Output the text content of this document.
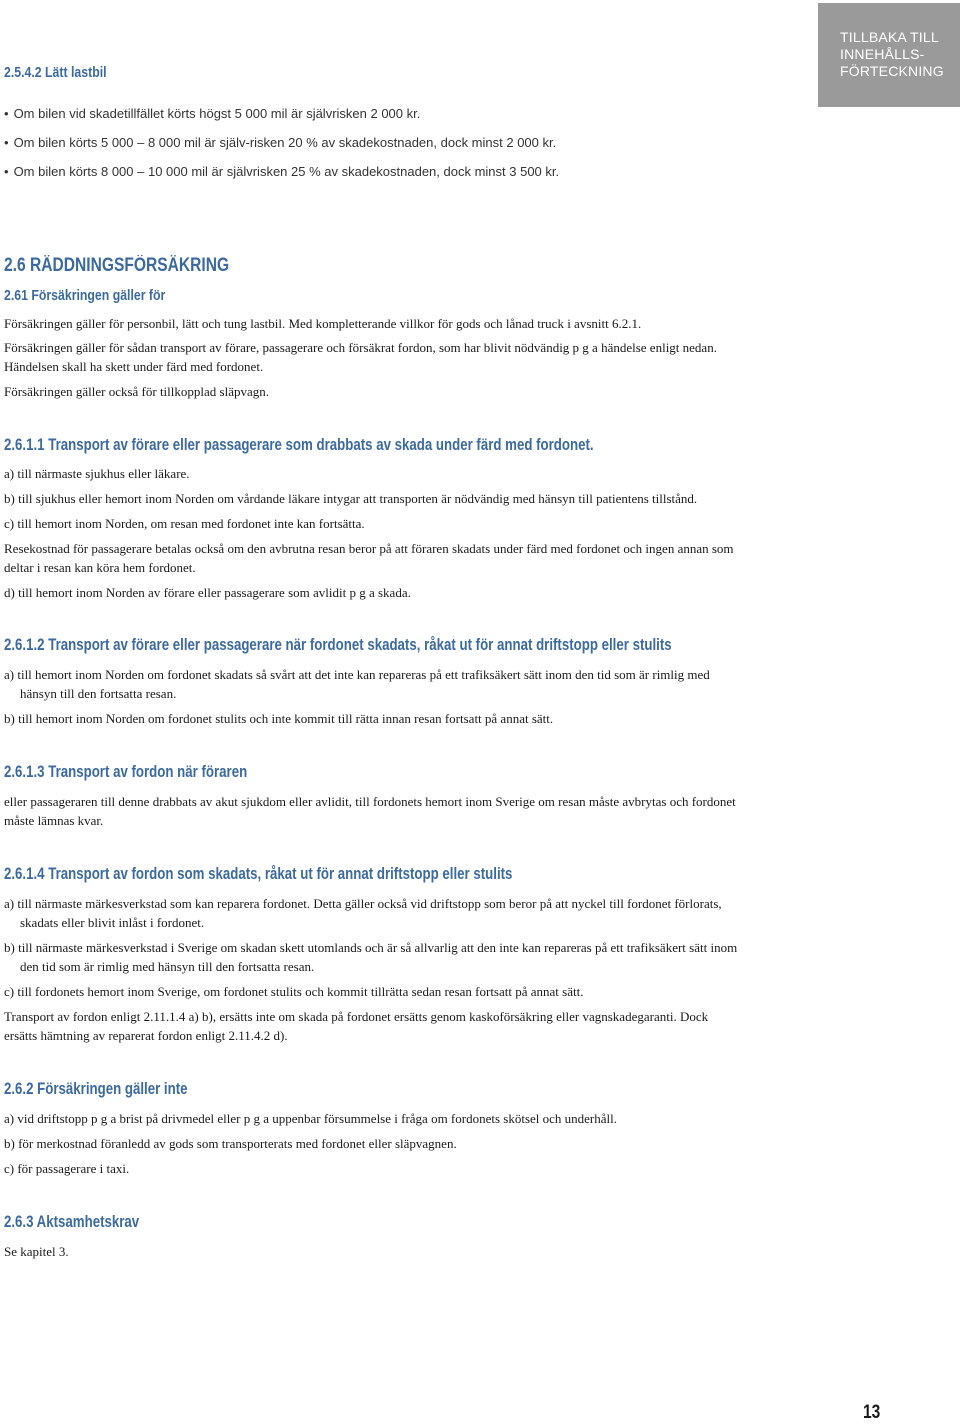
TILLBAKA TILL
INNEHÅLLS-
FÖRTECKNING
2.5.4.2 Lätt lastbil
• Om bilen vid skadetillfället körts högst 5 000 mil är självrisken 2 000 kr.
• Om bilen körts 5 000 – 8 000 mil är själv-risken 20 % av skadekostnaden, dock minst 2 000 kr.
• Om bilen körts 8 000 – 10 000 mil är självrisken 25 % av skadekostnaden, dock minst 3 500 kr.
2.6 RÄDDNINGSFÖRSÄKRING
2.61 Försäkringen gäller för

Försäkringen gäller för personbil, lätt och tung lastbil. Med kompletterande villkor för gods och lånad truck i avsnitt 6.2.1.

Försäkringen gäller för sådan transport av förare, passagerare och försäkrat fordon, som har blivit nödvändig p g a händelse enligt nedan. Händelsen skall ha skett under färd med fordonet.

Försäkringen gäller också för tillkopplad släpvagn.

2.6.1.1 Transport av förare eller passagerare som drabbats av skada under färd med fordonet.

a) till närmaste sjukhus eller läkare.

b) till sjukhus eller hemort inom Norden om vårdande läkare intygar att transporten är nödvändig med hänsyn till patientens tillstånd.

c) till hemort inom Norden, om resan med fordonet inte kan fortsätta.

Resekostnad för passagerare betalas också om den avbrutna resan beror på att föraren skadats under färd med fordonet och ingen annan som deltar i resan kan köra hem fordonet.

d) till hemort inom Norden av förare eller passagerare som avlidit p g a skada.

2.6.1.2 Transport av förare eller passagerare när fordonet skadats, råkat ut för annat driftstopp eller stulits

a) till hemort inom Norden om fordonet skadats så svårt att det inte kan repareras på ett trafiksäkert sätt inom den tid som är rimlig med hänsyn till den fortsatta resan.

b) till hemort inom Norden om fordonet stulits och inte kommit till rätta innan resan fortsatt på annat sätt.

2.6.1.3 Transport av fordon när föraren

eller passageraren till denne drabbats av akut sjukdom eller avlidit, till fordonets hemort inom Sverige om resan måste avbrytas och fordonet måste lämnas kvar.

2.6.1.4 Transport av fordon som skadats, råkat ut för annat driftstopp eller stulits

a) till närmaste märkesverkstad som kan reparera fordonet. Detta gäller också vid driftstopp som beror på att nyckel till fordonet förlorats, skadats eller blivit inlåst i fordonet.

b) till närmaste märkesverkstad i Sverige om skadan skett utomlands och är så allvarlig att den inte kan repareras på ett trafiksäkert sätt inom den tid som är rimlig med hänsyn till den fortsatta resan.

c) till fordonets hemort inom Sverige, om fordonet stulits och kommit tillrätta sedan resan fortsatt på annat sätt.

Transport av fordon enligt 2.11.1.4 a) b), ersätts inte om skada på fordonet ersätts genom kaskoförsäkring eller vagnskadegaranti. Dock ersätts hämtning av reparerat fordon enligt 2.11.4.2 d).

2.6.2 Försäkringen gäller inte

a) vid driftstopp p g a brist på drivmedel eller p g a uppenbar försummelse i fråga om fordonets skötsel och underhåll.

b) för merkostnad föranledd av gods som transporterats med fordonet eller släpvagnen.

c) för passagerare i taxi.

2.6.3 Aktsamhetskrav

Se kapitel 3.

13
